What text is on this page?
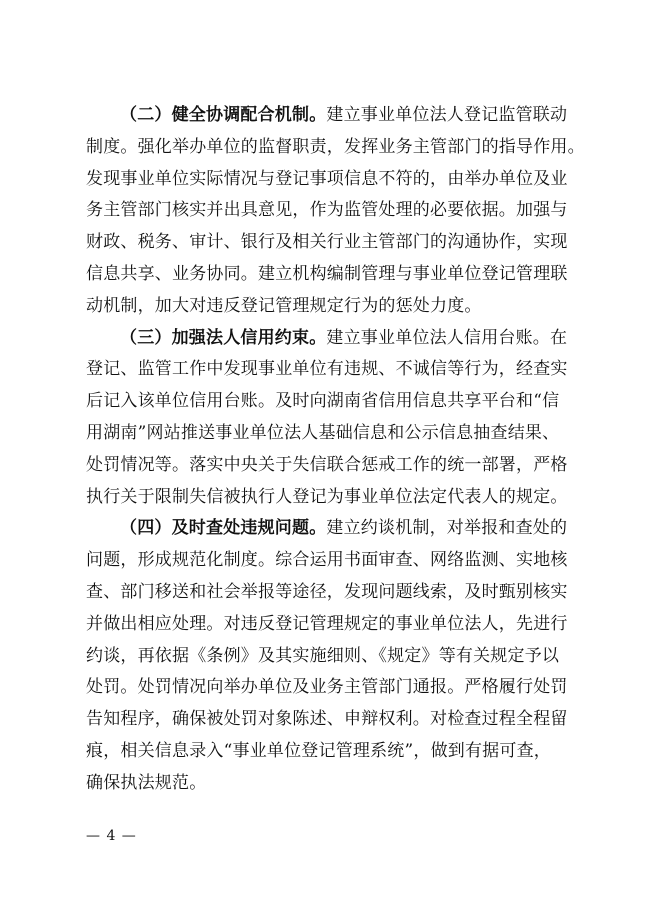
（二）健全协调配合机制。建立事业单位法人登记监管联动
制度。强化举办单位的监督职责，发挥业务主管部门的指导作用。
发现事业单位实际情况与登记事项信息不符的，由举办单位及业
务主管部门核实并出具意见，作为监管处理的必要依据。加强与
财政、税务、审计、银行及相关行业主管部门的沟通协作，实现
信息共享、业务协同。建立机构编制管理与事业单位登记管理联
动机制，加大对违反登记管理规定行为的惩处力度。
（三）加强法人信用约束。建立事业单位法人信用台账。在
登记、监管工作中发现事业单位有违规、不诚信等行为，经查实
后记入该单位信用台账。及时向湖南省信用信息共享平台和“信
用湖南”网站推送事业单位法人基础信息和公示信息抽查结果、
处罚情况等。落实中央关于失信联合惩戒工作的统一部署，严格
执行关于限制失信被执行人登记为事业单位法定代表人的规定。
（四）及时查处违规问题。建立约谈机制，对举报和查处的
问题，形成规范化制度。综合运用书面审查、网络监测、实地核
查、部门移送和社会举报等途径，发现问题线索，及时甄别核实
并做出相应处理。对违反登记管理规定的事业单位法人，先进行
约谈，再依据《条例》及其实施细则、《规定》等有关规定予以
处罚。处罚情况向举办单位及业务主管部门通报。严格履行处罚
告知程序，确保被处罚对象陈述、申辩权利。对检查过程全程留
痕，相关信息录入“事业单位登记管理系统”，做到有据可查，
确保执法规范。
— 4 —
